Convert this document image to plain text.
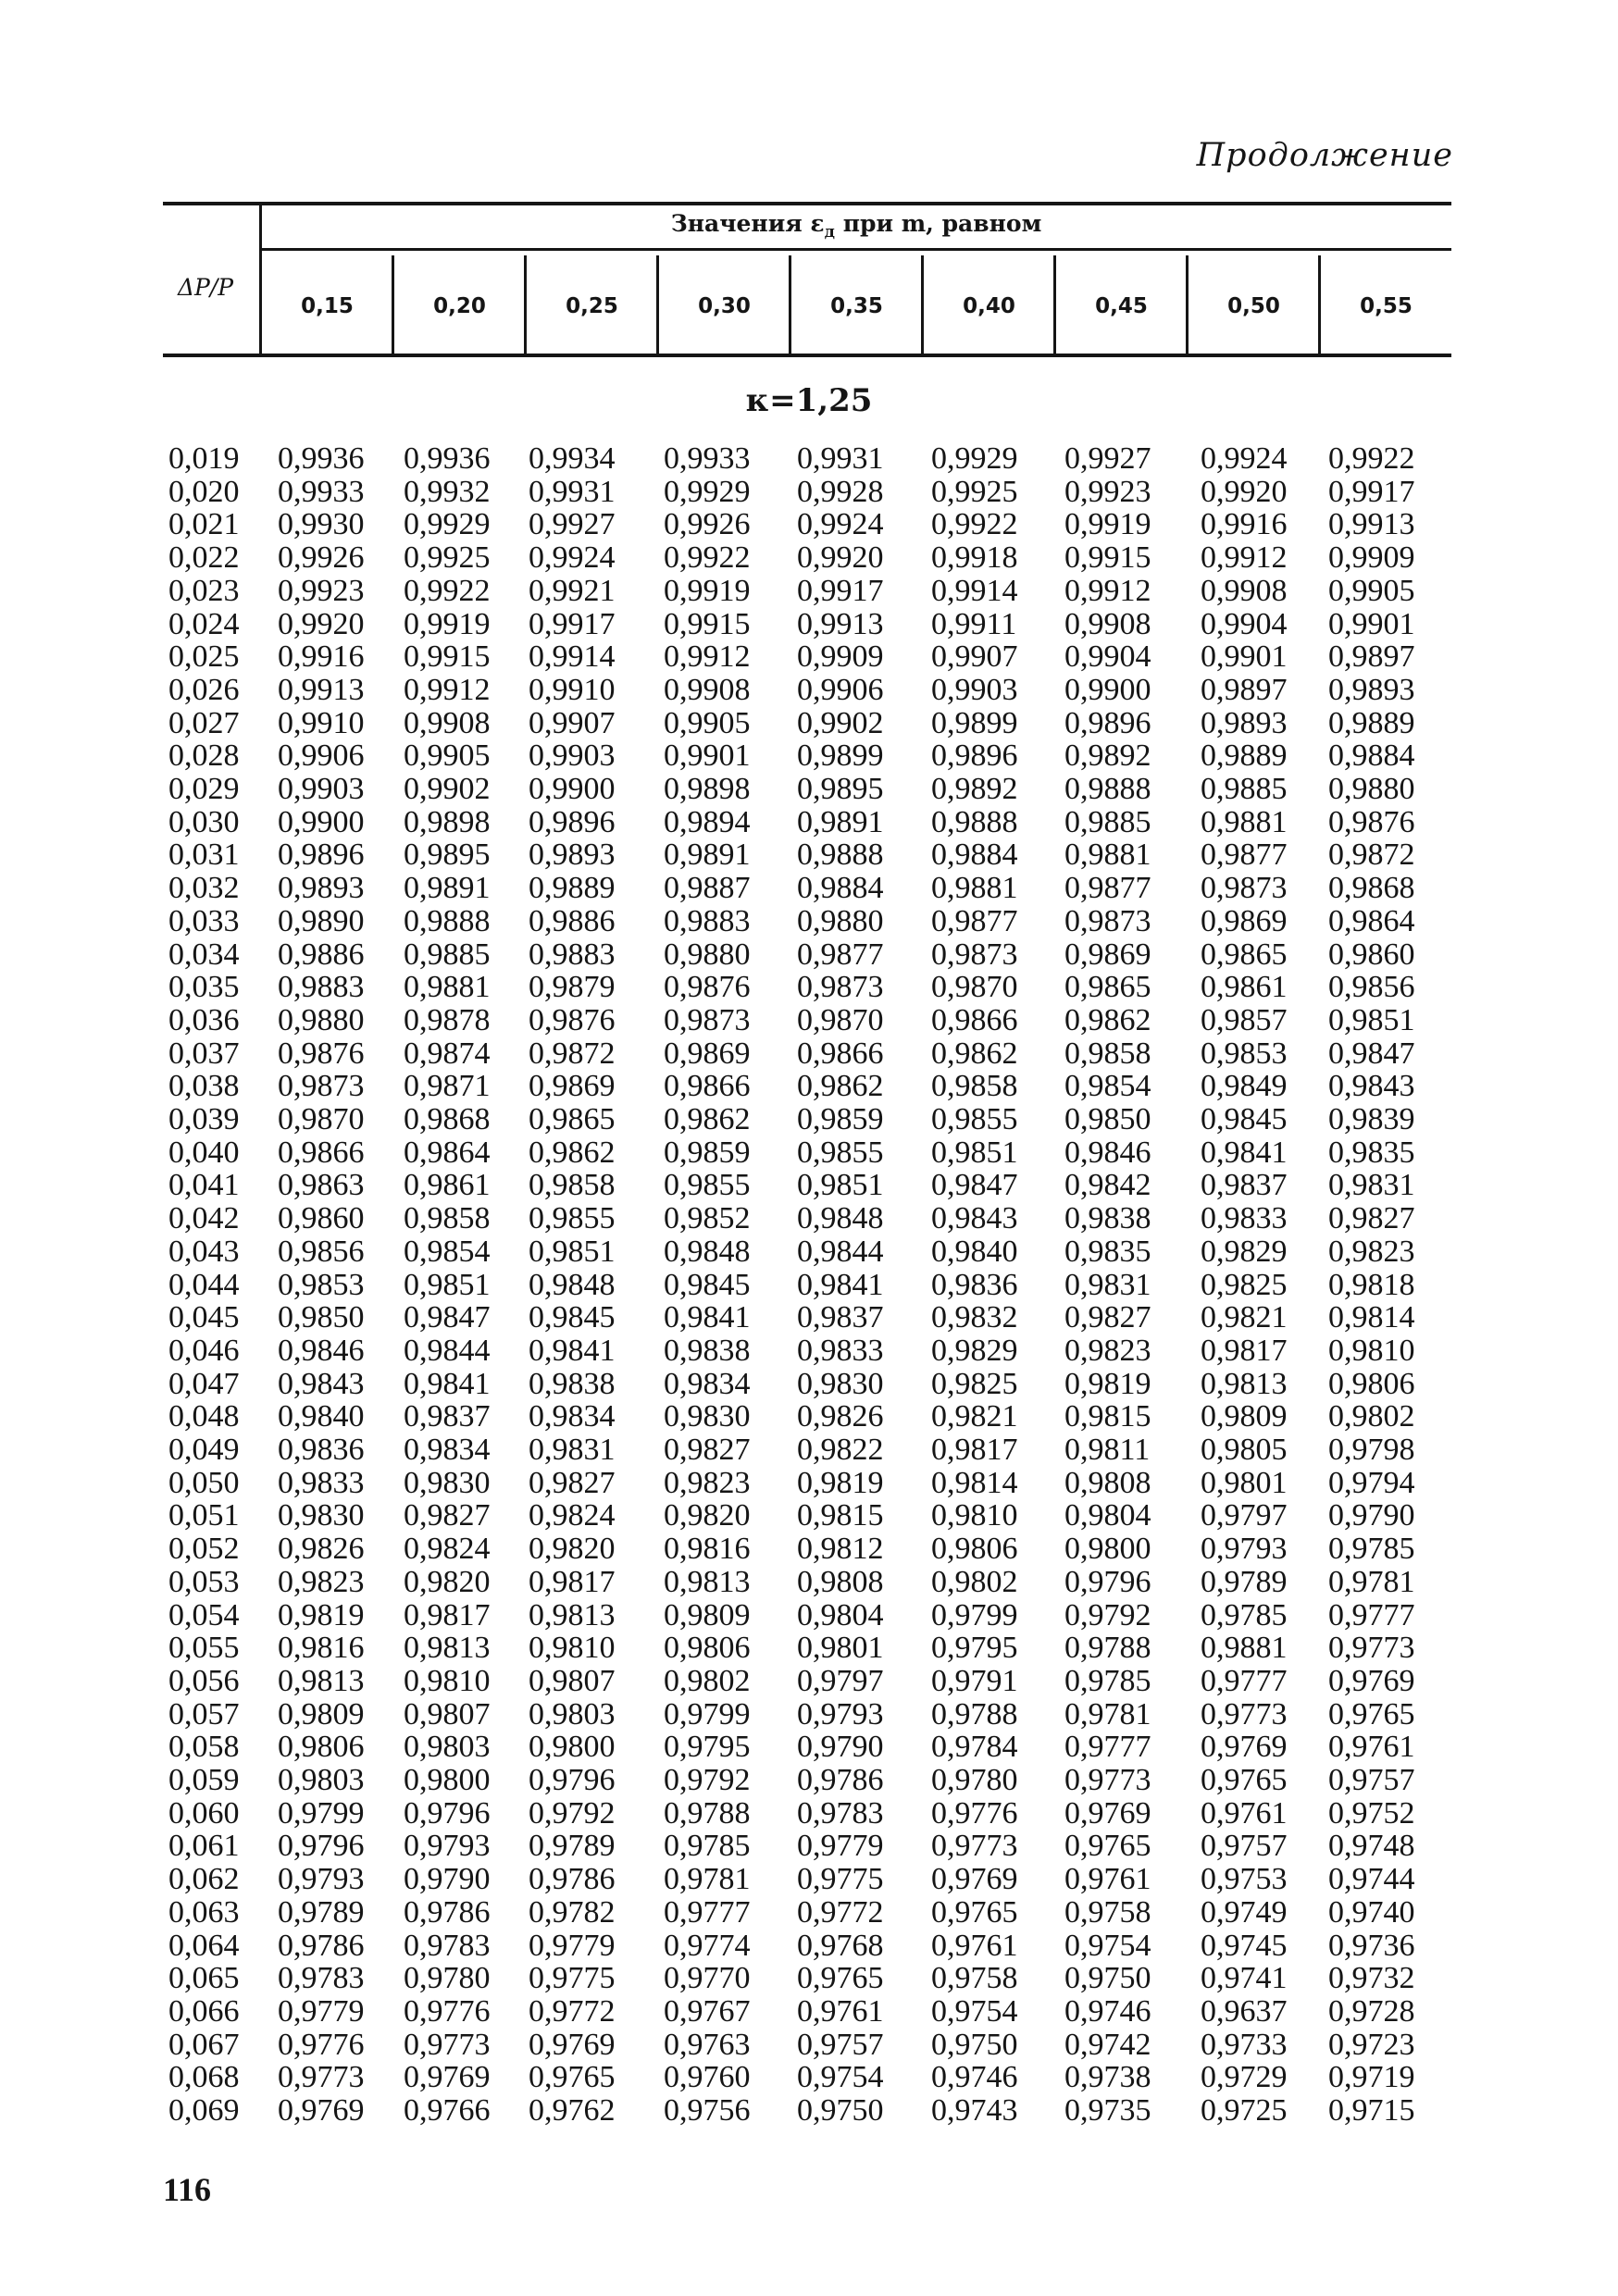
Продолжение
Значения $\varepsilon_д$ при m, равном
ΔP/P
0,15	0,20	0,25	0,30	0,35	0,40	0,45	0,50	0,55
κ=1,25
0,019	0,9936	0,9936	0,9934	0,9933	0,9931	0,9929	0,9927	0,9924	0,9922
0,020	0,9933	0,9932	0,9931	0,9929	0,9928	0,9925	0,9923	0,9920	0,9917
0,021	0,9930	0,9929	0,9927	0,9926	0,9924	0,9922	0,9919	0,9916	0,9913
0,022	0,9926	0,9925	0,9924	0,9922	0,9920	0,9918	0,9915	0,9912	0,9909
0,023	0,9923	0,9922	0,9921	0,9919	0,9917	0,9914	0,9912	0,9908	0,9905
0,024	0,9920	0,9919	0,9917	0,9915	0,9913	0,9911	0,9908	0,9904	0,9901
0,025	0,9916	0,9915	0,9914	0,9912	0,9909	0,9907	0,9904	0,9901	0,9897
0,026	0,9913	0,9912	0,9910	0,9908	0,9906	0,9903	0,9900	0,9897	0,9893
0,027	0,9910	0,9908	0,9907	0,9905	0,9902	0,9899	0,9896	0,9893	0,9889
0,028	0,9906	0,9905	0,9903	0,9901	0,9899	0,9896	0,9892	0,9889	0,9884
0,029	0,9903	0,9902	0,9900	0,9898	0,9895	0,9892	0,9888	0,9885	0,9880
0,030	0,9900	0,9898	0,9896	0,9894	0,9891	0,9888	0,9885	0,9881	0,9876
0,031	0,9896	0,9895	0,9893	0,9891	0,9888	0,9884	0,9881	0,9877	0,9872
0,032	0,9893	0,9891	0,9889	0,9887	0,9884	0,9881	0,9877	0,9873	0,9868
0,033	0,9890	0,9888	0,9886	0,9883	0,9880	0,9877	0,9873	0,9869	0,9864
0,034	0,9886	0,9885	0,9883	0,9880	0,9877	0,9873	0,9869	0,9865	0,9860
0,035	0,9883	0,9881	0,9879	0,9876	0,9873	0,9870	0,9865	0,9861	0,9856
0,036	0,9880	0,9878	0,9876	0,9873	0,9870	0,9866	0,9862	0,9857	0,9851
0,037	0,9876	0,9874	0,9872	0,9869	0,9866	0,9862	0,9858	0,9853	0,9847
0,038	0,9873	0,9871	0,9869	0,9866	0,9862	0,9858	0,9854	0,9849	0,9843
0,039	0,9870	0,9868	0,9865	0,9862	0,9859	0,9855	0,9850	0,9845	0,9839
0,040	0,9866	0,9864	0,9862	0,9859	0,9855	0,9851	0,9846	0,9841	0,9835
0,041	0,9863	0,9861	0,9858	0,9855	0,9851	0,9847	0,9842	0,9837	0,9831
0,042	0,9860	0,9858	0,9855	0,9852	0,9848	0,9843	0,9838	0,9833	0,9827
0,043	0,9856	0,9854	0,9851	0,9848	0,9844	0,9840	0,9835	0,9829	0,9823
0,044	0,9853	0,9851	0,9848	0,9845	0,9841	0,9836	0,9831	0,9825	0,9818
0,045	0,9850	0,9847	0,9845	0,9841	0,9837	0,9832	0,9827	0,9821	0,9814
0,046	0,9846	0,9844	0,9841	0,9838	0,9833	0,9829	0,9823	0,9817	0,9810
0,047	0,9843	0,9841	0,9838	0,9834	0,9830	0,9825	0,9819	0,9813	0,9806
0,048	0,9840	0,9837	0,9834	0,9830	0,9826	0,9821	0,9815	0,9809	0,9802
0,049	0,9836	0,9834	0,9831	0,9827	0,9822	0,9817	0,9811	0,9805	0,9798
0,050	0,9833	0,9830	0,9827	0,9823	0,9819	0,9814	0,9808	0,9801	0,9794
0,051	0,9830	0,9827	0,9824	0,9820	0,9815	0,9810	0,9804	0,9797	0,9790
0,052	0,9826	0,9824	0,9820	0,9816	0,9812	0,9806	0,9800	0,9793	0,9785
0,053	0,9823	0,9820	0,9817	0,9813	0,9808	0,9802	0,9796	0,9789	0,9781
0,054	0,9819	0,9817	0,9813	0,9809	0,9804	0,9799	0,9792	0,9785	0,9777
0,055	0,9816	0,9813	0,9810	0,9806	0,9801	0,9795	0,9788	0,9881	0,9773
0,056	0,9813	0,9810	0,9807	0,9802	0,9797	0,9791	0,9785	0,9777	0,9769
0,057	0,9809	0,9807	0,9803	0,9799	0,9793	0,9788	0,9781	0,9773	0,9765
0,058	0,9806	0,9803	0,9800	0,9795	0,9790	0,9784	0,9777	0,9769	0,9761
0,059	0,9803	0,9800	0,9796	0,9792	0,9786	0,9780	0,9773	0,9765	0,9757
0,060	0,9799	0,9796	0,9792	0,9788	0,9783	0,9776	0,9769	0,9761	0,9752
0,061	0,9796	0,9793	0,9789	0,9785	0,9779	0,9773	0,9765	0,9757	0,9748
0,062	0,9793	0,9790	0,9786	0,9781	0,9775	0,9769	0,9761	0,9753	0,9744
0,063	0,9789	0,9786	0,9782	0,9777	0,9772	0,9765	0,9758	0,9749	0,9740
0,064	0,9786	0,9783	0,9779	0,9774	0,9768	0,9761	0,9754	0,9745	0,9736
0,065	0,9783	0,9780	0,9775	0,9770	0,9765	0,9758	0,9750	0,9741	0,9732
0,066	0,9779	0,9776	0,9772	0,9767	0,9761	0,9754	0,9746	0,9637	0,9728
0,067	0,9776	0,9773	0,9769	0,9763	0,9757	0,9750	0,9742	0,9733	0,9723
0,068	0,9773	0,9769	0,9765	0,9760	0,9754	0,9746	0,9738	0,9729	0,9719
0,069	0,9769	0,9766	0,9762	0,9756	0,9750	0,9743	0,9735	0,9725	0,9715
116
